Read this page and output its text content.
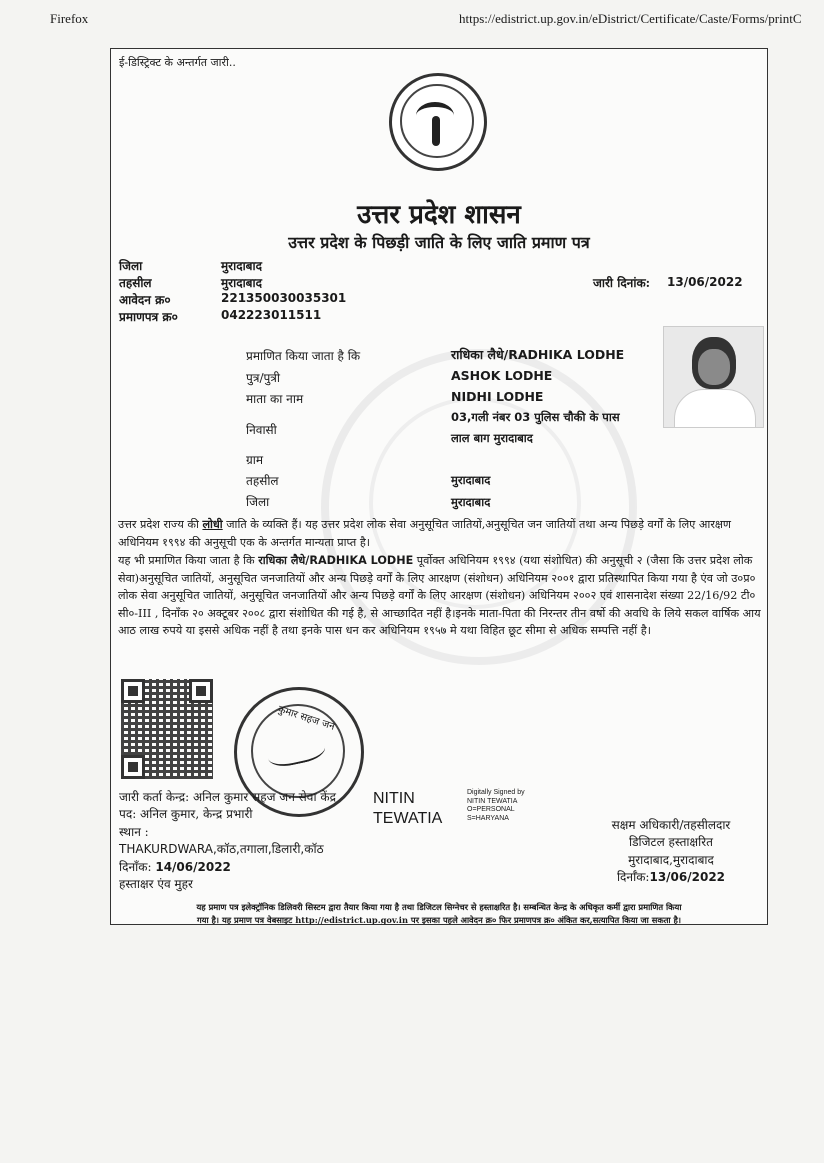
Firefox	https://edistrict.up.gov.in/eDistrict/Certificate/Caste/Forms/printC
ई-डिस्ट्रिक्ट के अन्तर्गत जारी..
उत्तर प्रदेश शासन
उत्तर प्रदेश के पिछड़ी जाति के लिए जाति प्रमाण पत्र
जिला	मुरादाबाद
तहसील	मुरादाबाद
आवेदन क्र०	221350030035301
प्रमाणपत्र क्र०	042223011511
जारी दिनांक: 13/06/2022
प्रमाणित किया जाता है कि	राधिका लैधे/RADHIKA LODHE
पुत्र/पुत्री	ASHOK LODHE
माता का नाम	NIDHI LODHE
निवासी
03,गली नंबर 03 पुलिस चौकी के पास
लाल बाग मुरादाबाद
ग्राम
तहसील	मुरादाबाद
जिला	मुरादाबाद
उत्तर प्रदेश राज्य की लोधी जाति के व्यक्ति हैं। यह उत्तर प्रदेश लोक सेवा अनुसूचित जातियों,अनुसूचित जन जातियों तथा अन्य पिछड़े वर्गों के लिए आरक्षण अधिनियम १९९४ की अनुसूची एक के अन्तर्गत मान्यता प्राप्त है।
यह भी प्रमाणित किया जाता है कि राधिका लैधे/RADHIKA LODHE पूर्वोक्त अधिनियम १९९४ (यथा संशोधित) की अनुसूची २ (जैसा कि उत्तर प्रदेश लोक सेवा)अनुसूचित जातियों, अनुसूचित जनजातियों और अन्य पिछड़े वर्गों के लिए आरक्षण (संशोधन) अधिनियम २००१ द्वारा प्रतिस्थापित किया गया है एंव जो उ०प्र० लोक सेवा अनुसूचित जातियों, अनुसूचित जनजातियों और अन्य पिछड़े वर्गों के लिए आरक्षण (संशोधन) अधिनियम २००२ एवं शासनादेश संख्या 22/16/92 टी० सी०-III , दिनाँक २० अक्टूबर २००८ द्वारा संशोधित की गई है, से आच्छादित नहीं है।इनके माता-पिता की निरन्तर तीन वर्षो की अवधि के लिये सकल वार्षिक आय आठ लाख रुपये या इससे अधिक नहीं है तथा इनके पास धन कर अधिनियम १९५७ मे यथा विहित छूट सीमा से अधिक सम्पत्ति नहीं है।
कुमार सहज जन
NITIN TEWATIA
Digitally Signed by NITIN TEWATIA O=PERSONAL S=HARYANA
जारी कर्ता केन्द्र: अनिल कुमार सहज जन सेवा केंद्र
पद: अनिल कुमार, केन्द्र प्रभारी
स्थान :
THAKURDWARA,कॉठ,तगाला,डिलारी,कॉठ
दिनाँक: 14/06/2022
हस्ताक्षर एंव मुहर
सक्षम अधिकारी/तहसीलदार
डिजिटल हस्ताक्षरित
मुरादाबाद,मुरादाबाद
दिर्नाँक:13/06/2022
यह प्रमाण पत्र इलेक्ट्रॉनिक डिलिवरी सिस्टम द्वारा तैयार किया गया है तथा डिजिटल सिग्नेचर से हस्ताक्षरित है। सम्बन्धित केन्द्र के अधिकृत कर्मी द्वारा प्रमाणित किया
गया है। यह प्रमाण पत्र वेबसाइट http://edistrict.up.gov.in पर इसका पहले आवेदन क्र० फिर प्रमाणपत्र क्र० अंकित कर,सत्यापित किया जा सकता है।
